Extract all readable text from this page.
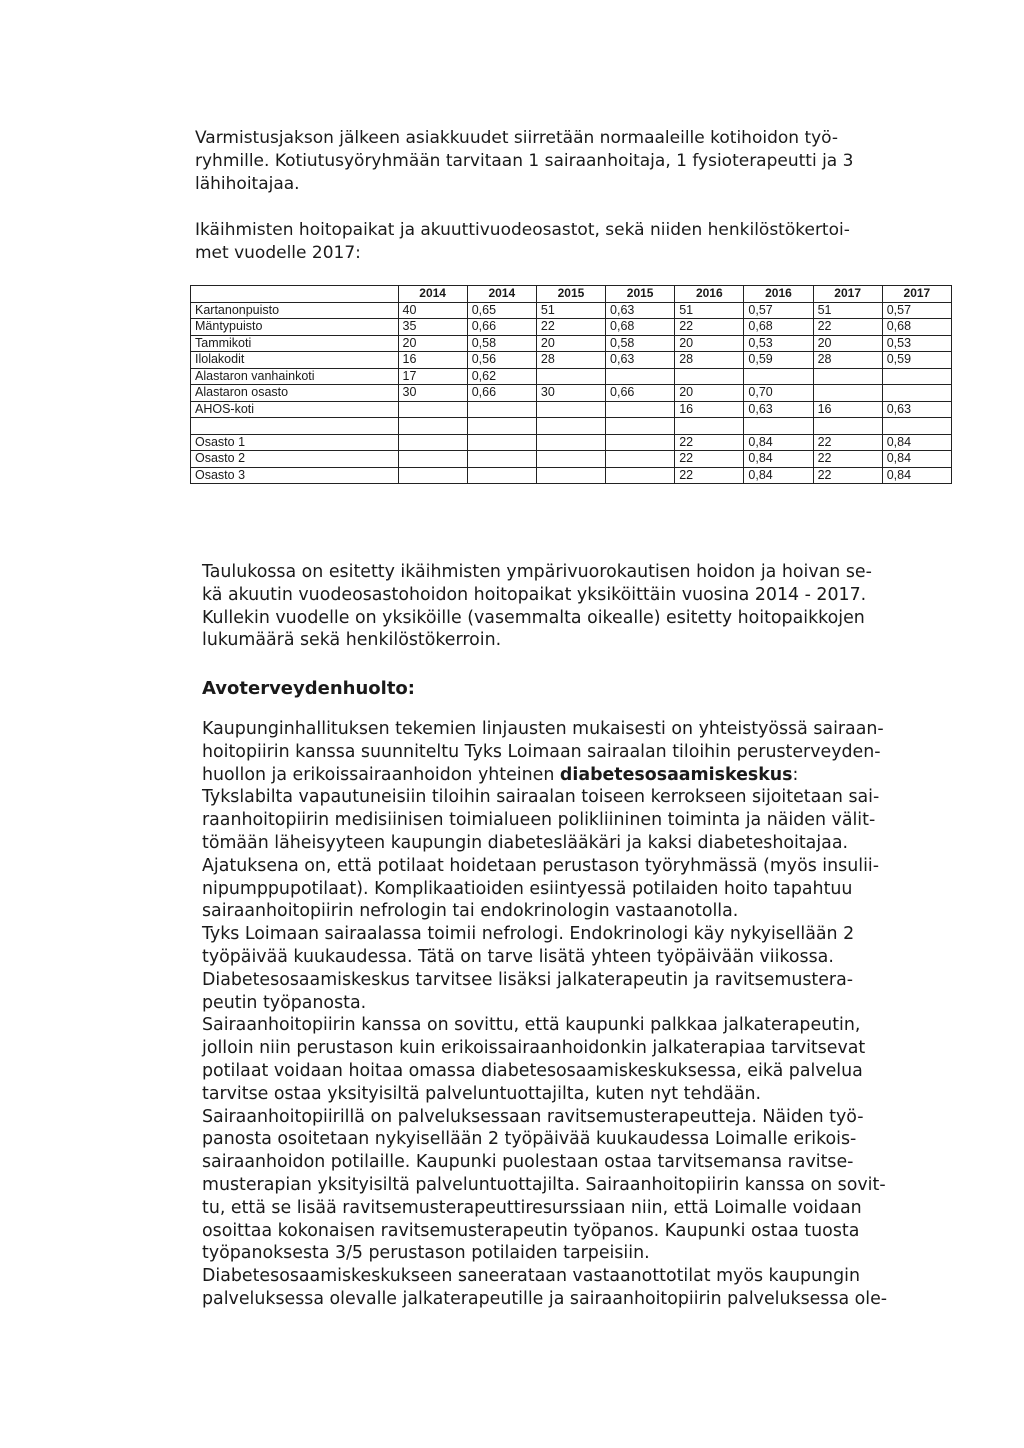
Varmistusjakson jälkeen asiakkuudet siirretään normaaleille kotihoidon työ-
ryhmille. Kotiutusyöryhmään tarvitaan 1 sairaanhoitaja, 1 fysioterapeutti ja 3
lähihoitajaa.
Ikäihmisten hoitopaikat ja akuuttivuodeosastot, sekä niiden henkilöstökertoi-
met vuodelle 2017:
	2014	2014	2015	2015	2016	2016	2017	2017
Kartanonpuisto	40	0,65	51	0,63	51	0,57	51	0,57
Mäntypuisto	35	0,66	22	0,68	22	0,68	22	0,68
Tammikoti	20	0,58	20	0,58	20	0,53	20	0,53
Ilolakodit	16	0,56	28	0,63	28	0,59	28	0,59
Alastaron vanhainkoti	17	0,62						
Alastaron osasto	30	0,66	30	0,66	20	0,70		
AHOS-koti					16	0,63	16	0,63

Osasto 1					22	0,84	22	0,84
Osasto 2					22	0,84	22	0,84
Osasto 3					22	0,84	22	0,84
Taulukossa on esitetty ikäihmisten ympärivuorokautisen hoidon ja hoivan se-
kä akuutin vuodeosastohoidon hoitopaikat yksiköittäin vuosina 2014 - 2017.
Kullekin vuodelle on yksiköille (vasemmalta oikealle) esitetty hoitopaikkojen
lukumäärä sekä henkilöstökerroin.
Avoterveydenhuolto:
Kaupunginhallituksen tekemien linjausten mukaisesti on yhteistyössä sairaan-
hoitopiirin kanssa suunniteltu Tyks Loimaan sairaalan tiloihin perusterveyden-
huollon ja erikoissairaanhoidon yhteinen diabetesosaamiskeskus:
Tykslabilta vapautuneisiin tiloihin sairaalan toiseen kerrokseen sijoitetaan sai-
raanhoitopiirin medisiinisen toimialueen polikliininen toiminta ja näiden välit-
tömään läheisyyteen kaupungin diabeteslääkäri ja kaksi diabeteshoitajaa.
Ajatuksena on, että potilaat hoidetaan perustason työryhmässä (myös insulii-
nipumppupotilaat). Komplikaatioiden esiintyessä potilaiden hoito tapahtuu
sairaanhoitopiirin nefrologin tai endokrinologin vastaanotolla.
Tyks Loimaan sairaalassa toimii nefrologi. Endokrinologi käy nykyisellään 2
työpäivää kuukaudessa. Tätä on tarve lisätä yhteen työpäivään viikossa.
Diabetesosaamiskeskus tarvitsee lisäksi jalkaterapeutin ja ravitsemustera-
peutin työpanosta.
Sairaanhoitopiirin kanssa on sovittu, että kaupunki palkkaa jalkaterapeutin,
jolloin niin perustason kuin erikoissairaanhoidonkin jalkaterapiaa tarvitsevat
potilaat voidaan hoitaa omassa diabetesosaamiskeskuksessa, eikä palvelua
tarvitse ostaa yksityisiltä palveluntuottajilta, kuten nyt tehdään.
Sairaanhoitopiirillä on palveluksessaan ravitsemusterapeutteja. Näiden työ-
panosta osoitetaan nykyisellään 2 työpäivää kuukaudessa Loimalle erikois-
sairaanhoidon potilaille. Kaupunki puolestaan ostaa tarvitsemansa ravitse-
musterapian yksityisiltä palveluntuottajilta. Sairaanhoitopiirin kanssa on sovit-
tu, että se lisää ravitsemusterapeuttiresurssiaan niin, että Loimalle voidaan
osoittaa kokonaisen ravitsemusterapeutin työpanos. Kaupunki ostaa tuosta
työpanoksesta 3/5 perustason potilaiden tarpeisiin.
Diabetesosaamiskeskukseen saneerataan vastaanottotilat myös kaupungin
palveluksessa olevalle jalkaterapeutille ja sairaanhoitopiirin palveluksessa ole-
